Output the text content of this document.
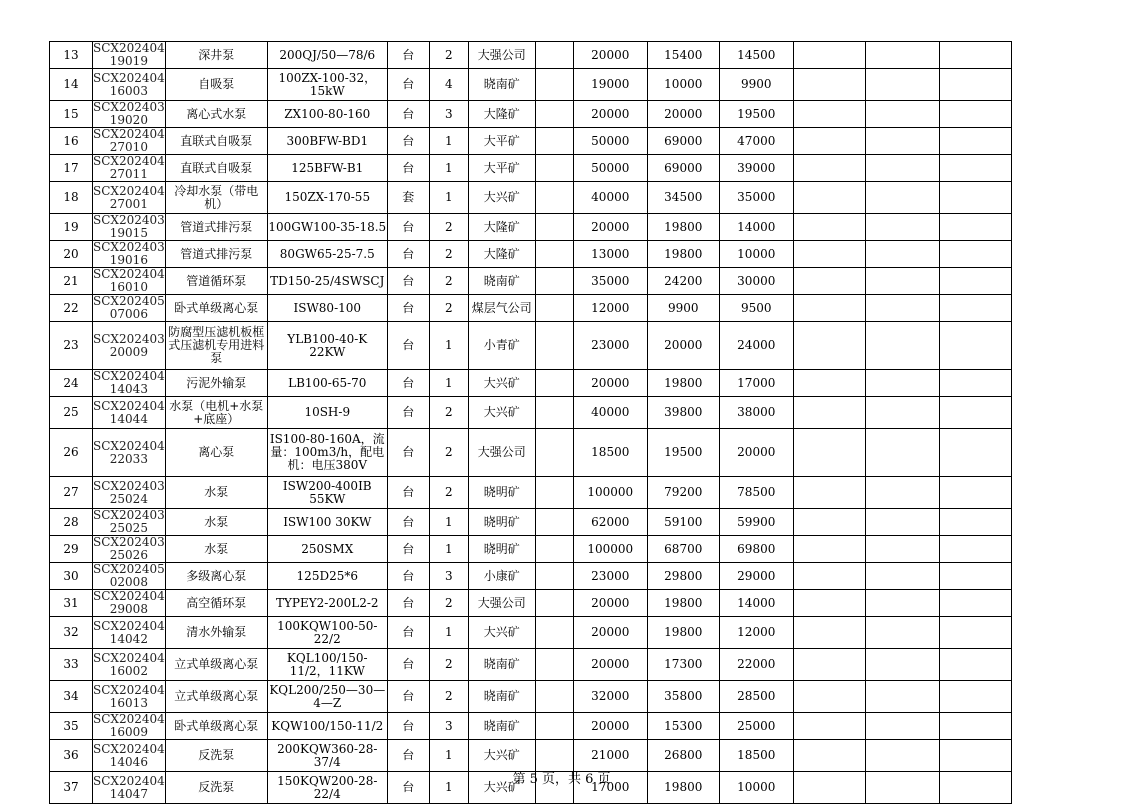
13	SCX202404 19019	深井泵	200QJ/50—78/6	台	2	大强公司		20000	15400	14500			
14	SCX202404 16003	自吸泵	100ZX-100-32，15kW	台	4	晓南矿		19000	10000	9900			
15	SCX202403 19020	离心式水泵	ZX100-80-160	台	3	大隆矿		20000	20000	19500			
16	SCX202404 27010	直联式自吸泵	300BFW-BD1	台	1	大平矿		50000	69000	47000			
17	SCX202404 27011	直联式自吸泵	125BFW-B1	台	1	大平矿		50000	69000	39000			
18	SCX202404 27001	冷却水泵（带电机）	150ZX-170-55	套	1	大兴矿		40000	34500	35000			
19	SCX202403 19015	管道式排污泵	100GW100-35-18.5	台	2	大隆矿		20000	19800	14000			
20	SCX202403 19016	管道式排污泵	80GW65-25-7.5	台	2	大隆矿		13000	19800	10000			
21	SCX202404 16010	管道循环泵	TD150-25/4SWSCJ	台	2	晓南矿		35000	24200	30000			
22	SCX202405 07006	卧式单级离心泵	ISW80-100	台	2	煤层气公司		12000	9900	9500			
23	SCX202403 20009	防腐型压滤机板框式压滤机专用进料泵	YLB100-40-K 22KW	台	1	小青矿		23000	20000	24000			
24	SCX202404 14043	污泥外输泵	LB100-65-70	台	1	大兴矿		20000	19800	17000			
25	SCX202404 14044	水泵（电机+水泵+底座）	10SH-9	台	2	大兴矿		40000	39800	38000			
26	SCX202404 22033	离心泵	IS100-80-160A，流量：100m3/h，配电机：电压380V	台	2	大强公司		18500	19500	20000			
27	SCX202403 25024	水泵	ISW200-400IB 55KW	台	2	晓明矿		100000	79200	78500			
28	SCX202403 25025	水泵	ISW100 30KW	台	1	晓明矿		62000	59100	59900			
29	SCX202403 25026	水泵	250SMX	台	1	晓明矿		100000	68700	69800			
30	SCX202405 02008	多级离心泵	125D25*6	台	3	小康矿		23000	29800	29000			
31	SCX202404 29008	高空循环泵	TYPEY2-200L2-2	台	2	大强公司		20000	19800	14000			
32	SCX202404 14042	清水外输泵	100KQW100-50-22/2	台	1	大兴矿		20000	19800	12000			
33	SCX202404 16002	立式单级离心泵	KQL100/150-11/2，11KW	台	2	晓南矿		20000	17300	22000			
34	SCX202404 16013	立式单级离心泵	KQL200/250—30—4—Z	台	2	晓南矿		32000	35800	28500			
35	SCX202404 16009	卧式单级离心泵	KQW100/150-11/2	台	3	晓南矿		20000	15300	25000			
36	SCX202404 14046	反洗泵	200KQW360-28-37/4	台	1	大兴矿		21000	26800	18500			
37	SCX202404 14047	反洗泵	150KQW200-28-22/4	台	1	大兴矿		17000	19800	10000			
第 5 页，共 6 页
